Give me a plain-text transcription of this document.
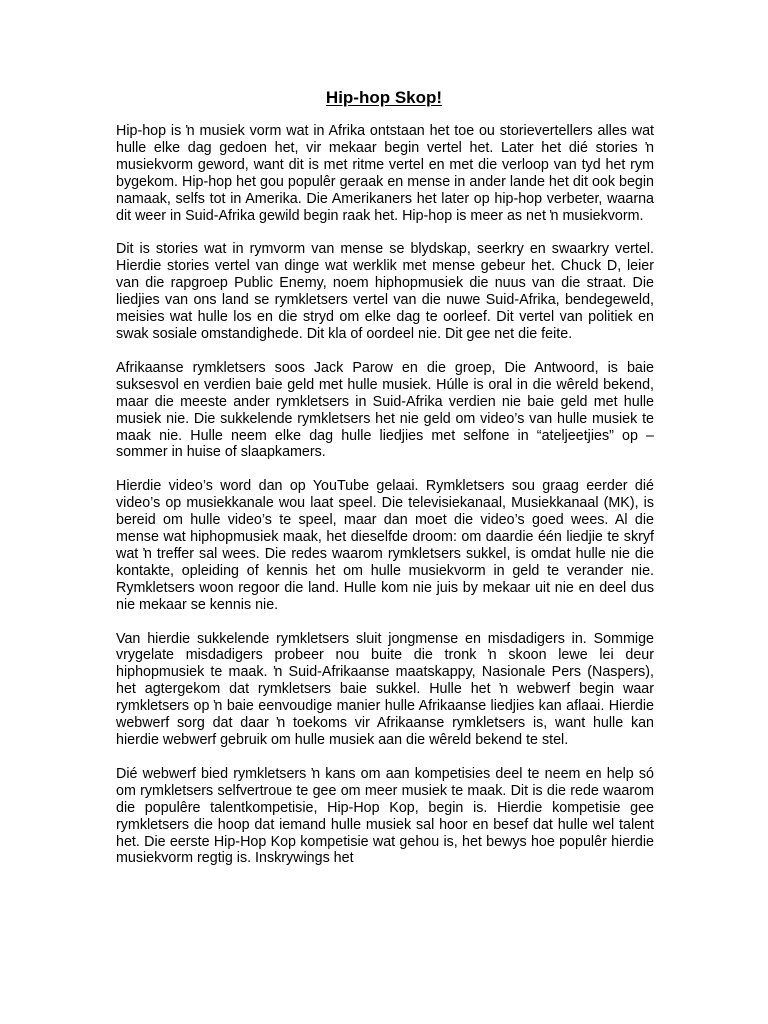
Hip-hop Skop!

Hip-hop is ŉ musiek vorm wat in Afrika ontstaan het toe ou storievertellers alles wat hulle elke dag gedoen het, vir mekaar begin vertel het. Later het dié stories ŉ musiekvorm geword, want dit is met ritme vertel en met die verloop van tyd het rym bygekom. Hip-hop het gou populêr geraak en mense in ander lande het dit ook begin namaak, selfs tot in Amerika. Die Amerikaners het later op hip-hop verbeter, waarna dit weer in Suid-Afrika gewild begin raak het. Hip-hop is meer as net ŉ musiekvorm.

Dit is stories wat in rymvorm van mense se blydskap, seerkry en swaarkry vertel. Hierdie stories vertel van dinge wat werklik met mense gebeur het. Chuck D, leier van die rapgroep Public Enemy, noem hiphopmusiek die nuus van die straat. Die liedjies van ons land se rymkletsers vertel van die nuwe Suid-Afrika, bendegeweld, meisies wat hulle los en die stryd om elke dag te oorleef. Dit vertel van politiek en swak sosiale omstandighede. Dit kla of oordeel nie. Dit gee net die feite.

Afrikaanse rymkletsers soos Jack Parow en die groep, Die Antwoord, is baie suksesvol en verdien baie geld met hulle musiek. Húlle is oral in die wêreld bekend, maar die meeste ander rymkletsers in Suid-Afrika verdien nie baie geld met hulle musiek nie. Die sukkelende rymkletsers het nie geld om video’s van hulle musiek te maak nie. Hulle neem elke dag hulle liedjies met selfone in “ateljeetjies” op – sommer in huise of slaapkamers.

Hierdie video’s word dan op YouTube gelaai. Rymkletsers sou graag eerder dié video’s op musiekkanale wou laat speel. Die televisiekanaal, Musiekkanaal (MK), is bereid om hulle video’s te speel, maar dan moet die video’s goed wees. Al die mense wat hiphopmusiek maak, het dieselfde droom: om daardie één liedjie te skryf wat ŉ treffer sal wees. Die redes waarom rymkletsers sukkel, is omdat hulle nie die kontakte, opleiding of kennis het om hulle musiekvorm in geld te verander nie. Rymkletsers woon regoor die land. Hulle kom nie juis by mekaar uit nie en deel dus nie mekaar se kennis nie.

Van hierdie sukkelende rymkletsers sluit jongmense en misdadigers in. Sommige vrygelate misdadigers probeer nou buite die tronk ŉ skoon lewe lei deur hiphopmusiek te maak. ŉ Suid-Afrikaanse maatskappy, Nasionale Pers (Naspers), het agtergekom dat rymkletsers baie sukkel. Hulle het ŉ webwerf begin waar rymkletsers op ŉ baie eenvoudige manier hulle Afrikaanse liedjies kan aflaai. Hierdie webwerf sorg dat daar ŉ toekoms vir Afrikaanse rymkletsers is, want hulle kan hierdie webwerf gebruik om hulle musiek aan die wêreld bekend te stel.

Dié webwerf bied rymkletsers ŉ kans om aan kompetisies deel te neem en help só om rymkletsers selfvertroue te gee om meer musiek te maak. Dit is die rede waarom die populêre talentkompetisie, Hip-Hop Kop, begin is. Hierdie kompetisie gee rymkletsers die hoop dat iemand hulle musiek sal hoor en besef dat hulle wel talent het. Die eerste Hip-Hop Kop kompetisie wat gehou is, het bewys hoe populêr hierdie musiekvorm regtig is. Inskrywings het
